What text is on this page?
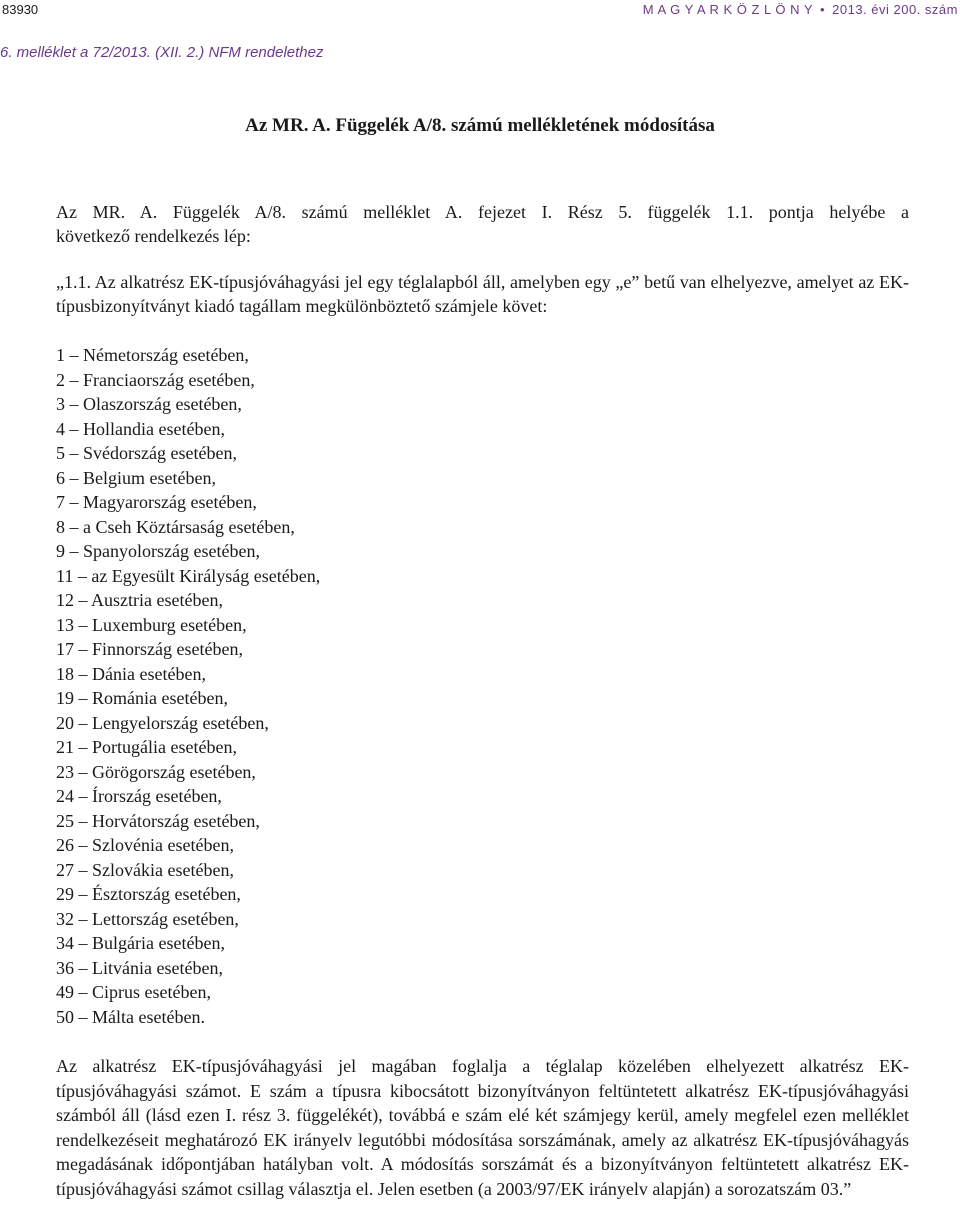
83930	M A G Y A R K Ö Z L Ö N Y • 2013. évi 200. szám
6. melléklet a 72/2013. (XII. 2.) NFM rendelethez
Az MR. A. Függelék A/8. számú mellékletének módosítása
Az MR. A. Függelék A/8. számú melléklet A. fejezet I. Rész 5. függelék 1.1. pontja helyébe a
következő rendelkezés lép:
„1.1. Az alkatrész EK-típusjóváhagyási jel egy téglalapból áll, amelyben egy „e” betű van elhelyezve, amelyet az EK-típusbizonyítványt kiadó tagállam megkülönböztető számjele követ:
1 – Németország esetében,
2 – Franciaország esetében,
3 – Olaszország esetében,
4 – Hollandia esetében,
5 – Svédország esetében,
6 – Belgium esetében,
7 – Magyarország esetében,
8 – a Cseh Köztársaság esetében,
9 – Spanyolország esetében,
11 – az Egyesült Királyság esetében,
12 – Ausztria esetében,
13 – Luxemburg esetében,
17 – Finnország esetében,
18 – Dánia esetében,
19 – Románia esetében,
20 – Lengyelország esetében,
21 – Portugália esetében,
23 – Görögország esetében,
24 – Írország esetében,
25 – Horvátország esetében,
26 – Szlovénia esetében,
27 – Szlovákia esetében,
29 – Észtország esetében,
32 – Lettország esetében,
34 – Bulgária esetében,
36 – Litvánia esetében,
49 – Ciprus esetében,
50 – Málta esetében.
Az alkatrész EK-típusjóváhagyási jel magában foglalja a téglalap közelében elhelyezett alkatrész EK-típusjóváhagyási számot. E szám a típusra kibocsátott bizonyítványon feltüntetett alkatrész EK-típusjóváhagyási számból áll (lásd ezen I. rész 3. függelékét), továbbá e szám elé két számjegy kerül, amely megfelel ezen melléklet rendelkezéseit meghatározó EK irányelv legutóbbi módosítása sorszámának, amely az alkatrész EK-típusjóváhagyás megadásának időpontjában hatályban volt. A módosítás sorszámát és a bizonyítványon feltüntetett alkatrész EK-típusjóváhagyási számot csillag választja el. Jelen esetben (a 2003/97/EK irányelv alapján) a sorozatszám 03.”
